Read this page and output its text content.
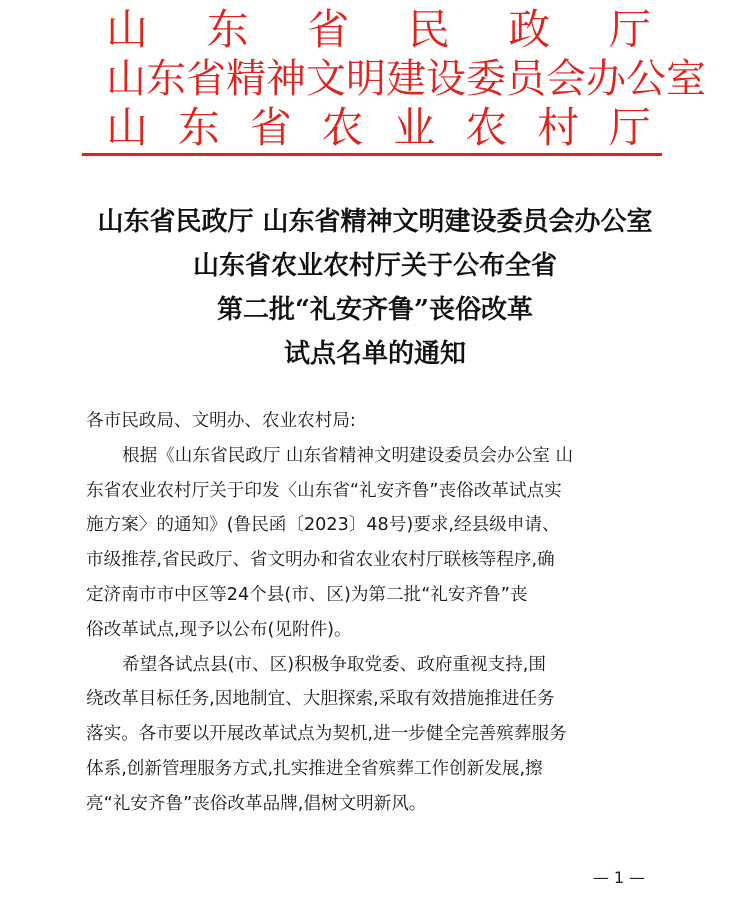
山 东 省 民 政 厅
山东省精神文明建设委员会办公室
山 东 省 农 业 农 村 厅
山东省民政厅 山东省精神文明建设委员会办公室
山东省农业农村厅关于公布全省
第二批“礼安齐鲁”丧俗改革
试点名单的通知
各市民政局、文明办、农业农村局:
根据《山东省民政厅 山东省精神文明建设委员会办公室 山
东省农业农村厅关于印发〈山东省“礼安齐鲁”丧俗改革试点实
施方案〉的通知》(鲁民函〔2023〕48号)要求,经县级申请、
市级推荐,省民政厅、省文明办和省农业农村厅联核等程序,确
定济南市市中区等24个县(市、区)为第二批“礼安齐鲁”丧
俗改革试点,现予以公布(见附件)。
希望各试点县(市、区)积极争取党委、政府重视支持,围
绕改革目标任务,因地制宜、大胆探索,采取有效措施推进任务
落实。各市要以开展改革试点为契机,进一步健全完善殡葬服务
体系,创新管理服务方式,扎实推进全省殡葬工作创新发展,擦
亮“礼安齐鲁”丧俗改革品牌,倡树文明新风。
— 1 —
